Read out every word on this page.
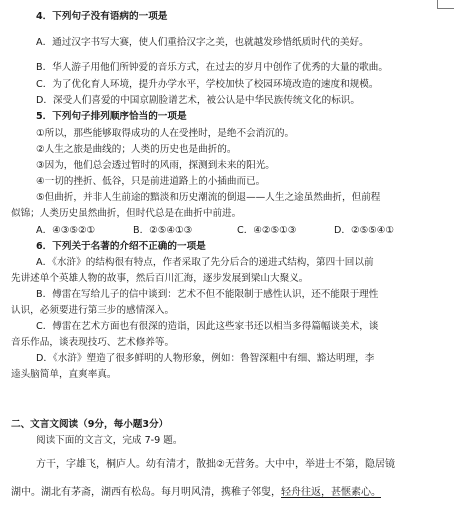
4．下列句子没有语病的一项是
A．通过汉字书写大赛，使人们重拾汉字之美，也就越发珍惜纸质时代的美好。
B．华人游子用他们所钟爱的音乐方式，在过去的岁月中创作了优秀的大量的歌曲。
C．为了优化育人环境，提升办学水平，学校加快了校园环境改造的速度和规模。
D．深受人们喜爱的中国京剧脸谱艺术，被公认是中华民族传统文化的标识。
5．下列句子排列顺序恰当的一项是
①所以，那些能够取得成功的人在受挫时，是绝不会消沉的。
②人生之旅是曲线的；人类的历史也是曲折的。
③因为，他们总会透过暂时的风雨，探测到未来的阳光。
④一切的挫折、低谷，只是前进道路上的小插曲而已。
⑤但曲折，并非人生前途的黯淡和历史潮流的倒退——人生之途虽然曲折，但前程
似锦；人类历史虽然曲折，但时代总是在曲折中前进。
A．④③⑤②①	B．②⑤④①③	C．④②⑤①③	D．②⑤⑤④①
6．下列关于名著的介绍不正确的一项是
A．《水浒》的结构很有特点，作者采取了先分后合的递进式结构，第四十回以前
先讲述单个英雄人物的故事，然后百川汇海，逐步发展到梁山大聚义。
B．傅雷在写给儿子的信中谈到：艺术不但不能限制于感性认识，还不能限于理性
认识，必须要进行第三步的感情深入。
C．傅雷在艺术方面也有很深的造诣，因此这些家书还以相当多得篇幅谈美术，谈
音乐作品，谈表现技巧、艺术修养等。
D．《水浒》塑造了很多鲜明的人物形象，例如：鲁智深粗中有细、豁达明理，李
逵头脑简单，直爽率真。
二、文言文阅读（9分，每小题3分）
阅读下面的文言文，完成 7-9 题。
方干，字雄飞，桐庐人。幼有清才，散拙②无营务。大中中，举进士不第，隐居镜
湖中。湖北有茅斋，湖西有松岛。每月明风清，携稚子邻叟，轻舟往返，甚惬素心。
